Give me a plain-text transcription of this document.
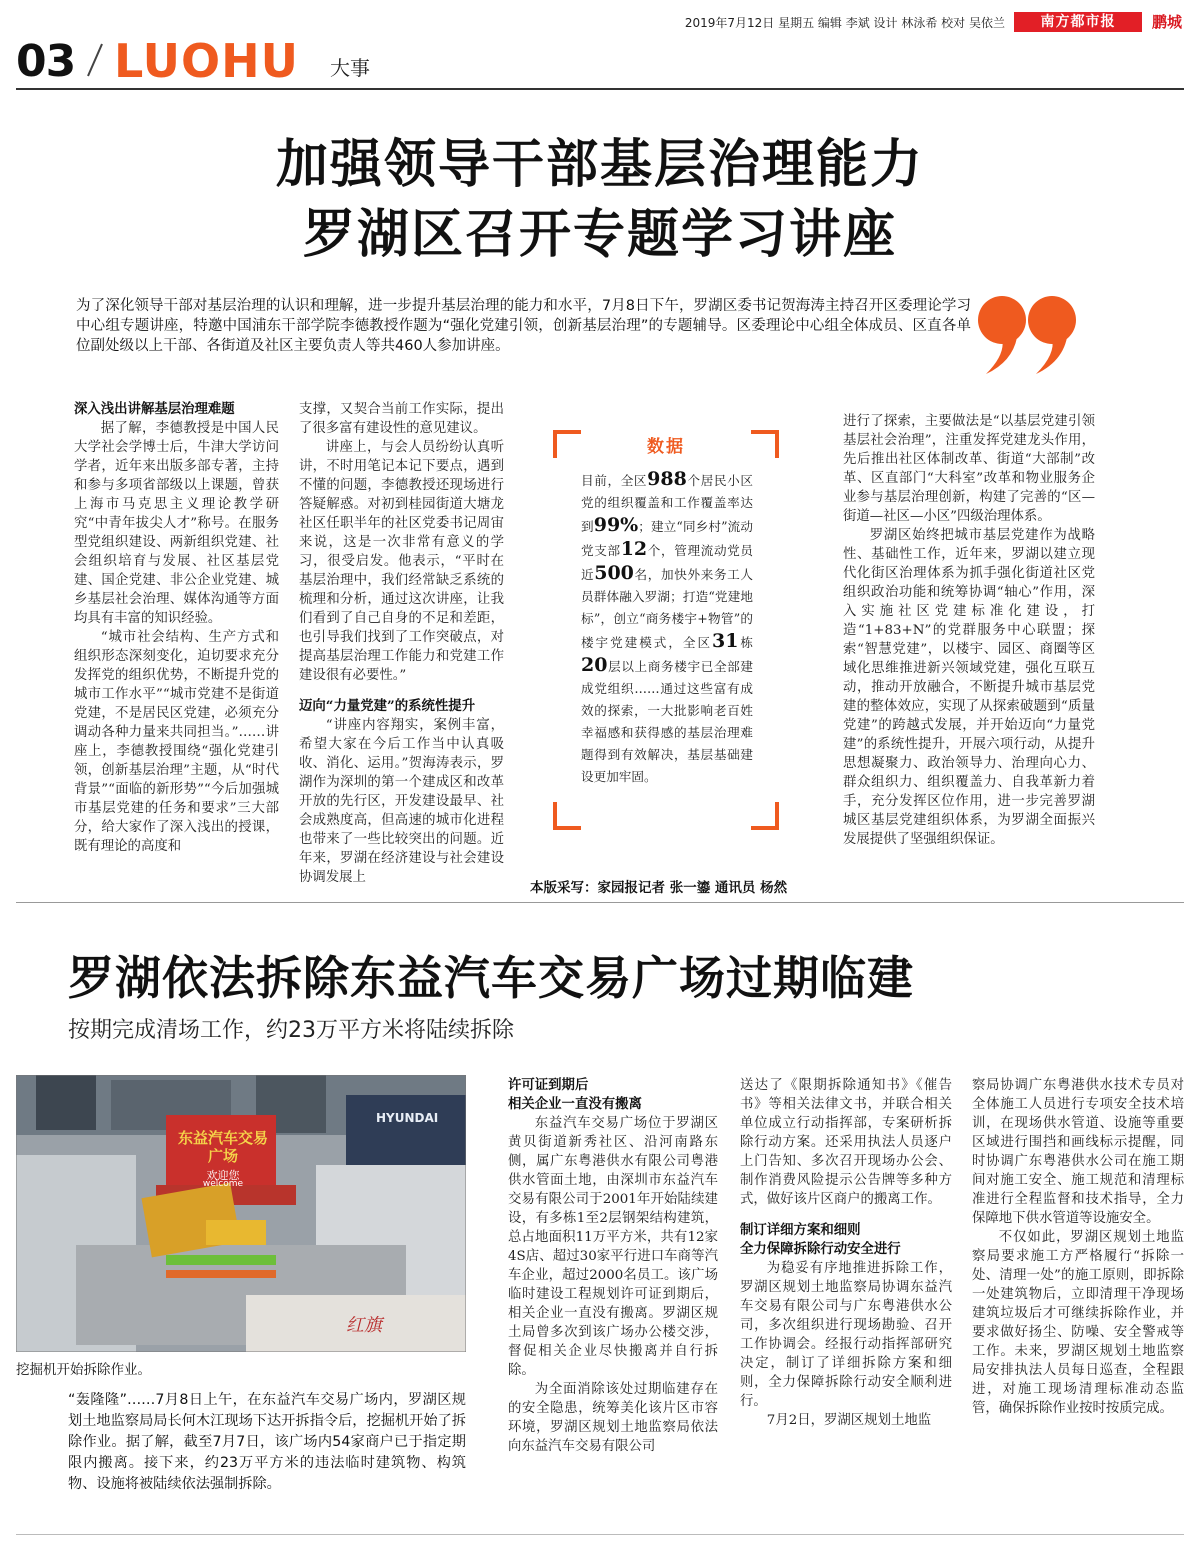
2019年7月12日 星期五 编辑 李斌 设计 林泳希 校对 吴依兰	南方都市报	鹏城
03 LUOHU 大事
加强领导干部基层治理能力
罗湖区召开专题学习讲座
为了深化领导干部对基层治理的认识和理解，进一步提升基层治理的能力和水平，7月8日下午，罗湖区委书记贺海涛主持召开区委理论学习中心组专题讲座，特邀中国浦东干部学院李德教授作题为“强化党建引领，创新基层治理”的专题辅导。区委理论中心组全体成员、区直各单位副处级以上干部、各街道及社区主要负责人等共460人参加讲座。

深入浅出讲解基层治理难题

据了解，李德教授是中国人民大学社会学博士后，牛津大学访问学者，近年来出版多部专著，主持和参与多项省部级以上课题，曾获上海市马克思主义理论教学研究“中青年拔尖人才”称号。在服务型党组织建设、两新组织党建、社会组织培育与发展、社区基层党建、国企党建、非公企业党建、城乡基层社会治理、媒体沟通等方面均具有丰富的知识经验。

“城市社会结构、生产方式和组织形态深刻变化，迫切要求充分发挥党的组织优势，不断提升党的城市工作水平”“城市党建不是街道党建，不是居民区党建，必须充分调动各种力量来共同担当。”……讲座上，李德教授围绕“强化党建引领，创新基层治理”主题，从“时代背景”“面临的新形势”“今后加强城市基层党建的任务和要求”三大部分，给大家作了深入浅出的授课，既有理论的高度和

支撑，又契合当前工作实际，提出了很多富有建设性的意见建议。

讲座上，与会人员纷纷认真听讲，不时用笔记本记下要点，遇到不懂的问题，李德教授还现场进行答疑解惑。对初到桂园街道大塘龙社区任职半年的社区党委书记周宙来说，这是一次非常有意义的学习，很受启发。他表示，“平时在基层治理中，我们经常缺乏系统的梳理和分析，通过这次讲座，让我们看到了自己自身的不足和差距，也引导我们找到了工作突破点，对提高基层治理工作能力和党建工作建设很有必要性。”

迈向“力量党建”的系统性提升

“讲座内容翔实，案例丰富，希望大家在今后工作当中认真吸收、消化、运用。”贺海涛表示，罗湖作为深圳的第一个建成区和改革开放的先行区，开发建设最早、社会成熟度高，但高速的城市化进程也带来了一些比较突出的问题。近年来，罗湖在经济建设与社会建设协调发展上

数据
目前，全区988个居民小区党的组织覆盖和工作覆盖率达到99%；建立“同乡村”流动党支部12个，管理流动党员近500名，加快外来务工人员群体融入罗湖；打造“党建地标”，创立“商务楼宇+物管”的楼宇党建模式，全区31栋20层以上商务楼宇已全部建成党组织……通过这些富有成效的探索，一大批影响老百姓幸福感和获得感的基层治理难题得到有效解决，基层基础建设更加牢固。
本版采写：家园报记者 张一鎏 通讯员 杨然

进行了探索，主要做法是“以基层党建引领基层社会治理”，注重发挥党建龙头作用，先后推出社区体制改革、街道“大部制”改革、区直部门“大科室”改革和物业服务企业参与基层治理创新，构建了完善的“区—街道—社区—小区”四级治理体系。

罗湖区始终把城市基层党建作为战略性、基础性工作，近年来，罗湖以建立现代化街区治理体系为抓手强化街道社区党组织政治功能和统筹协调“轴心”作用，深入实施社区党建标准化建设，打造“1+83+N”的党群服务中心联盟；探索“智慧党建”，以楼宇、园区、商圈等区域化思维推进新兴领域党建，强化互联互动，推动开放融合，不断提升城市基层党建的整体效应，实现了从探索破题到“质量党建”的跨越式发展，并开始迈向“力量党建”的系统性提升，开展六项行动，从提升思想凝聚力、政治领导力、治理向心力、群众组织力、组织覆盖力、自我革新力着手，充分发挥区位作用，进一步完善罗湖城区基层党建组织体系，为罗湖全面振兴发展提供了坚强组织保证。

罗湖依法拆除东益汽车交易广场过期临建
按期完成清场工作，约23万平方米将陆续拆除
东益汽车交易广场
欢迎您
welcome
HYUNDAI
红旗
挖掘机开始拆除作业。
“轰隆隆”……7月8日上午，在东益汽车交易广场内，罗湖区规划土地监察局局长何木江现场下达开拆指令后，挖掘机开始了拆除作业。据了解，截至7月7日，该广场内54家商户已于指定期限内搬离。接下来，约23万平方米的违法临时建筑物、构筑物、设施将被陆续依法强制拆除。

许可证到期后

相关企业一直没有搬离

东益汽车交易广场位于罗湖区黄贝街道新秀社区、沿河南路东侧，属广东粤港供水有限公司粤港供水管面土地，由深圳市东益汽车交易有限公司于2001年开始陆续建设，有多栋1至2层钢架结构建筑，总占地面积11万平方米，共有12家4S店、超过30家平行进口车商等汽车企业，超过2000名员工。该广场临时建设工程规划许可证到期后，相关企业一直没有搬离。罗湖区规土局曾多次到该广场办公楼交涉，督促相关企业尽快搬离并自行拆除。

为全面消除该处过期临建存在的安全隐患，统筹美化该片区市容环境，罗湖区规划土地监察局依法向东益汽车交易有限公司

送达了《限期拆除通知书》《催告书》等相关法律文书，并联合相关单位成立行动指挥部，专案研析拆除行动方案。还采用执法人员逐户上门告知、多次召开现场办公会、制作消费风险提示公告牌等多种方式，做好该片区商户的搬离工作。

制订详细方案和细则

全力保障拆除行动安全进行

为稳妥有序地推进拆除工作，罗湖区规划土地监察局协调东益汽车交易有限公司与广东粤港供水公司，多次组织进行现场勘验、召开工作协调会。经报行动指挥部研究决定，制订了详细拆除方案和细则，全力保障拆除行动安全顺利进行。

7月2日，罗湖区规划土地监

察局协调广东粤港供水技术专员对全体施工人员进行专项安全技术培训，在现场供水管道、设施等重要区域进行围挡和画线标示提醒，同时协调广东粤港供水公司在施工期间对施工安全、施工规范和清理标准进行全程监督和技术指导，全力保障地下供水管道等设施安全。

不仅如此，罗湖区规划土地监察局要求施工方严格履行“拆除一处、清理一处”的施工原则，即拆除一处建筑物后，立即清理干净现场建筑垃圾后才可继续拆除作业，并要求做好扬尘、防噪、安全警戒等工作。未来，罗湖区规划土地监察局安排执法人员每日巡查，全程跟进，对施工现场清理标准动态监管，确保拆除作业按时按质完成。
